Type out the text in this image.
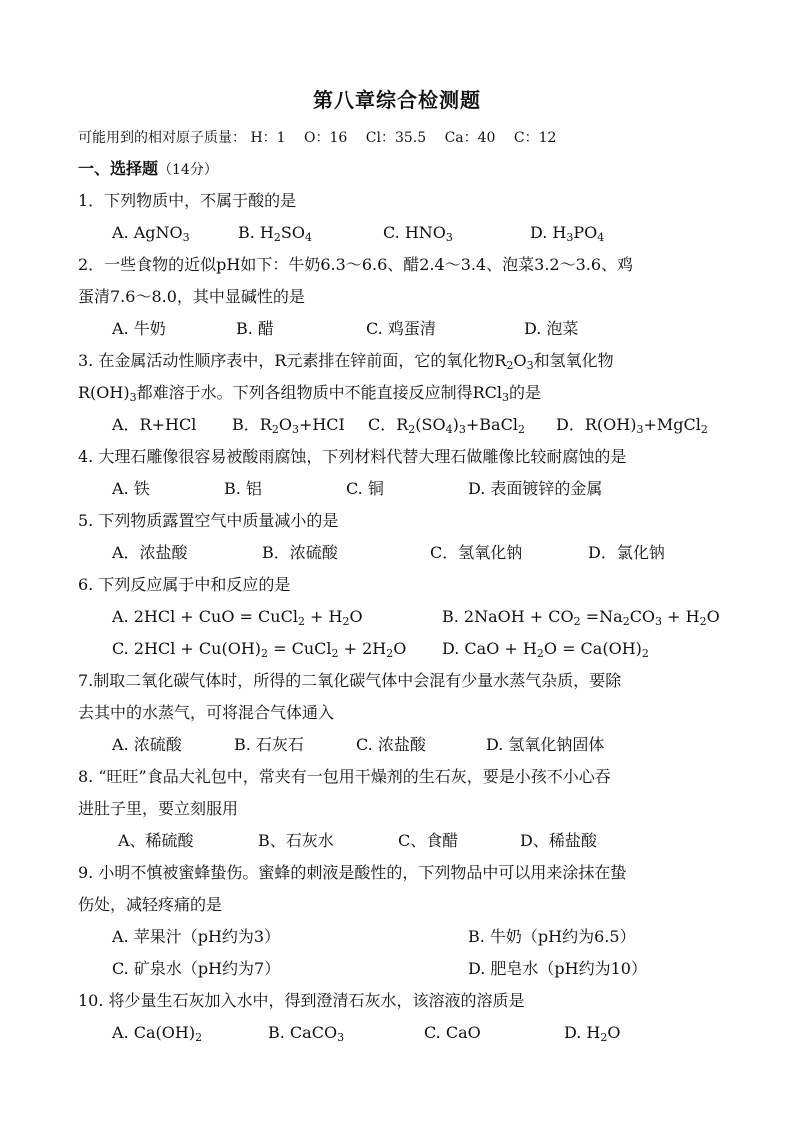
第八章综合检测题
可能用到的相对原子质量： H：1 　O：16 　Cl：35.5 　Ca：40 　C：12
一、选择题（14分）
1．下列物质中，不属于酸的是
A. AgNO$_3$	B. $H_2SO_4$	C. $HNO_3$	D. $H_3PO_4$
2．一些食物的近似pH如下：牛奶6.3～6.6、醋2.4～3.4、泡菜3.2～3.6、鸡
蛋清7.6～8.0，其中显碱性的是
A. 牛奶	B. 醋	C. 鸡蛋清	D. 泡菜
3. 在金属活动性顺序表中，R元素排在锌前面，它的氧化物$R_2O_3$和氢氧化物
$R(OH)_3$都难溶于水。下列各组物质中不能直接反应制得RCl$_3$的是
A．R+HCl B．$R_2O_3+HCI$ C．$R_2(SO_4)_3+BaCl_2$ D．$R(OH)_3+MgCl_2$
4. 大理石雕像很容易被酸雨腐蚀，下列材料代替大理石做雕像比较耐腐蚀的是
A. 铁	B. 铝	C. 铜	D. 表面镀锌的金属
5. 下列物质露置空气中质量减小的是
A．浓盐酸	B．浓硫酸	C．氢氧化钠	D．氯化钠
6. 下列反应属于中和反应的是
A. 2HCl + CuO = CuCl$_2$ + $H_2O$	B. 2NaOH + $CO_2 =Na_2CO_3 + H_2O$
C. $2HCl + Cu(OH)_2$ = CuCl$_2$ + $2H_2O$ D. CaO + $H_2O = Ca(OH)_2$
7.制取二氧化碳气体时，所得的二氧化碳气体中会混有少量水蒸气杂质，要除
去其中的水蒸气，可将混合气体通入
A. 浓硫酸	B. 石灰石	C. 浓盐酸	D. 氢氧化钠固体
8. “旺旺”食品大礼包中，常夹有一包用干燥剂的生石灰，要是小孩不小心吞
进肚子里，要立刻服用
A、稀硫酸	B、石灰水	C、食醋	D、稀盐酸
9. 小明不慎被蜜蜂蛰伤。蜜蜂的刺液是酸性的，下列物品中可以用来涂抹在蛰
伤处，减轻疼痛的是
A. 苹果汁（pH约为3）	B. 牛奶（pH约为6.5）
C. 矿泉水（pH约为7）	D. 肥皂水（pH约为10）
10. 将少量生石灰加入水中，得到澄清石灰水，该溶液的溶质是
A. $Ca(OH)_2$	B. CaCO$_3$	C. CaO	D. $H_2O$
